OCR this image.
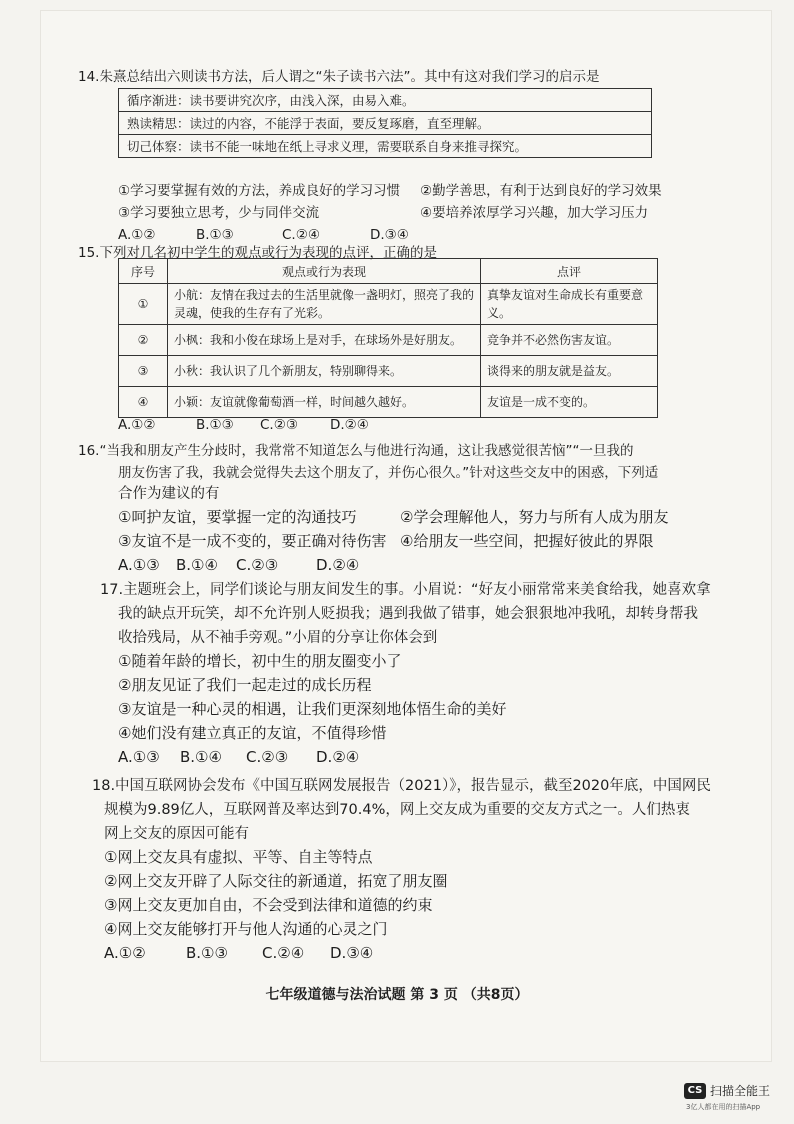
14.朱熹总结出六则读书方法，后人谓之“朱子读书六法”。其中有这对我们学习的启示是
循序渐进：读书要讲究次序，由浅入深，由易入难。
熟读精思：读过的内容，不能浮于表面，要反复琢磨，直至理解。
切己体察：读书不能一味地在纸上寻求义理，需要联系自身来推寻探究。
①学习要掌握有效的方法，养成良好的学习习惯 ②勤学善思，有利于达到良好的学习效果
③学习要独立思考，少与同伴交流	④要培养浓厚学习兴趣，加大学习压力
A.①②	B.①③	C.②④	D.③④
15.下列对几名初中学生的观点或行为表现的点评，正确的是
序号	观点或行为表现	点评
①	小航：友情在我过去的生活里就像一盏明灯，照亮了我的灵魂，使我的生存有了光彩。	真挚友谊对生命成长有重要意义。
②	小枫：我和小俊在球场上是对手，在球场外是好朋友。	竞争并不必然伤害友谊。
③	小秋：我认识了几个新朋友，特别聊得来。	谈得来的朋友就是益友。
④	小颖：友谊就像葡萄酒一样，时间越久越好。	友谊是一成不变的。
A.①②	B.①③ C.②③ D.②④
16.“当我和朋友产生分歧时，我常常不知道怎么与他进行沟通，这让我感觉很苦恼”“一旦我的
朋友伤害了我，我就会觉得失去这个朋友了，并伤心很久。”针对这些交友中的困惑，下列适
合作为建议的有
①呵护友谊，要掌握一定的沟通技巧	②学会理解他人，努力与所有人成为朋友
③友谊不是一成不变的，要正确对待伤害 ④给朋友一些空间，把握好彼此的界限
A.①③ B.①④ C.②③	D.②④
17.主题班会上，同学们谈论与朋友间发生的事。小眉说：“好友小丽常常来美食给我，她喜欢拿
我的缺点开玩笑，却不允许别人贬损我；遇到我做了错事，她会狠狠地冲我吼，却转身帮我
收拾残局，从不袖手旁观。”小眉的分享让你体会到
①随着年龄的增长，初中生的朋友圈变小了
②朋友见证了我们一起走过的成长历程
③友谊是一种心灵的相遇，让我们更深刻地体悟生命的美好
④她们没有建立真正的友谊，不值得珍惜
A.①③ B.①④ C.②③ D.②④
18.中国互联网协会发布《中国互联网发展报告（2021）》，报告显示，截至2020年底，中国网民
规模为9.89亿人，互联网普及率达到70.4%，网上交友成为重要的交友方式之一。人们热衷
网上交友的原因可能有
①网上交友具有虚拟、平等、自主等特点
②网上交友开辟了人际交往的新通道，拓宽了朋友圈
③网上交友更加自由，不会受到法律和道德的约束
④网上交友能够打开与他人沟通的心灵之门
A.①②	B.①③ C.②④ D.③④
七年级道德与法治试题 第 3 页 （共8页）
CS 扫描全能王
3亿人都在用的扫描App
